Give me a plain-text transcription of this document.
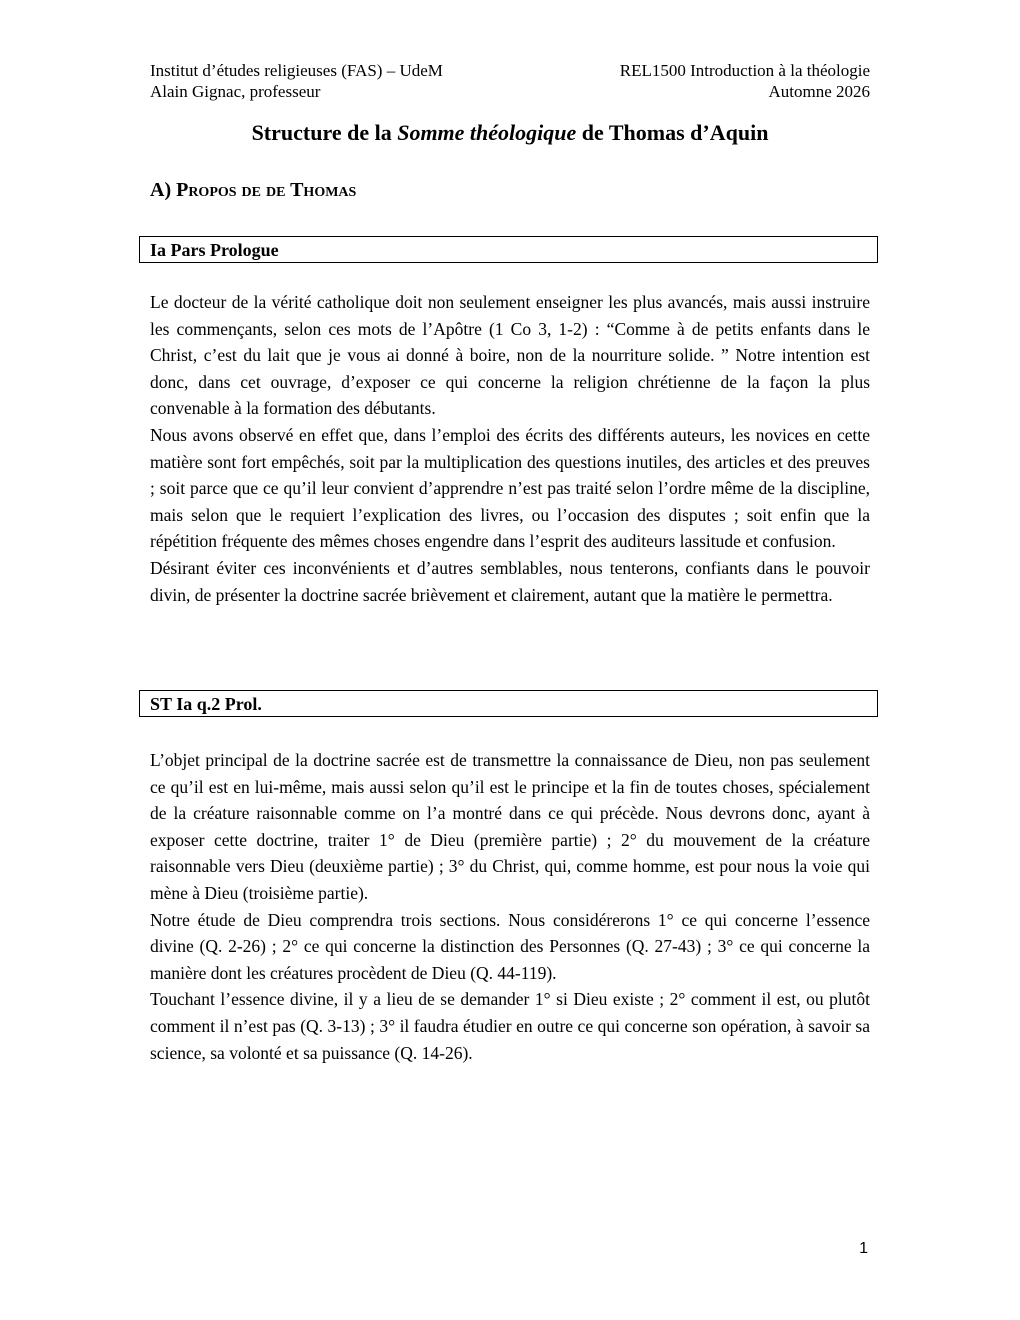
Institut d’études religieuses (FAS) – UdeM	REL1500 Introduction à la théologie
Alain Gignac, professeur	Automne 2026
Structure de la Somme théologique de Thomas d’Aquin
A) Propos de de Thomas
Ia Pars Prologue

Le docteur de la vérité catholique doit non seulement enseigner les plus avancés, mais aussi instruire les commençants, selon ces mots de l’Apôtre (1 Co 3, 1-2) : “Comme à de petits enfants dans le Christ, c’est du lait que je vous ai donné à boire, non de la nourriture solide. ” Notre intention est donc, dans cet ouvrage, d’exposer ce qui concerne la religion chrétienne de la façon la plus convenable à la formation des débutants.

Nous avons observé en effet que, dans l’emploi des écrits des différents auteurs, les novices en cette matière sont fort empêchés, soit par la multiplication des questions inutiles, des articles et des preuves ; soit parce que ce qu’il leur convient d’apprendre n’est pas traité selon l’ordre même de la discipline, mais selon que le requiert l’explication des livres, ou l’occasion des disputes ; soit enfin que la répétition fréquente des mêmes choses engendre dans l’esprit des auditeurs lassitude et confusion.

Désirant éviter ces inconvénients et d’autres semblables, nous tenterons, confiants dans le pouvoir divin, de présenter la doctrine sacrée brièvement et clairement, autant que la matière le permettra.

ST Ia q.2 Prol.

L’objet principal de la doctrine sacrée est de transmettre la connaissance de Dieu, non pas seulement ce qu’il est en lui-même, mais aussi selon qu’il est le principe et la fin de toutes choses, spécialement de la créature raisonnable comme on l’a montré dans ce qui précède. Nous devrons donc, ayant à exposer cette doctrine, traiter 1° de Dieu (première partie) ; 2° du mouvement de la créature raisonnable vers Dieu (deuxième partie) ; 3° du Christ, qui, comme homme, est pour nous la voie qui mène à Dieu (troisième partie).

Notre étude de Dieu comprendra trois sections. Nous considérerons 1° ce qui concerne l’essence divine (Q. 2-26) ; 2° ce qui concerne la distinction des Personnes (Q. 27-43) ; 3° ce qui concerne la manière dont les créatures procèdent de Dieu (Q. 44-119).

Touchant l’essence divine, il y a lieu de se demander 1° si Dieu existe ; 2° comment il est, ou plutôt comment il n’est pas (Q. 3-13) ; 3° il faudra étudier en outre ce qui concerne son opération, à savoir sa science, sa volonté et sa puissance (Q. 14-26).

1
